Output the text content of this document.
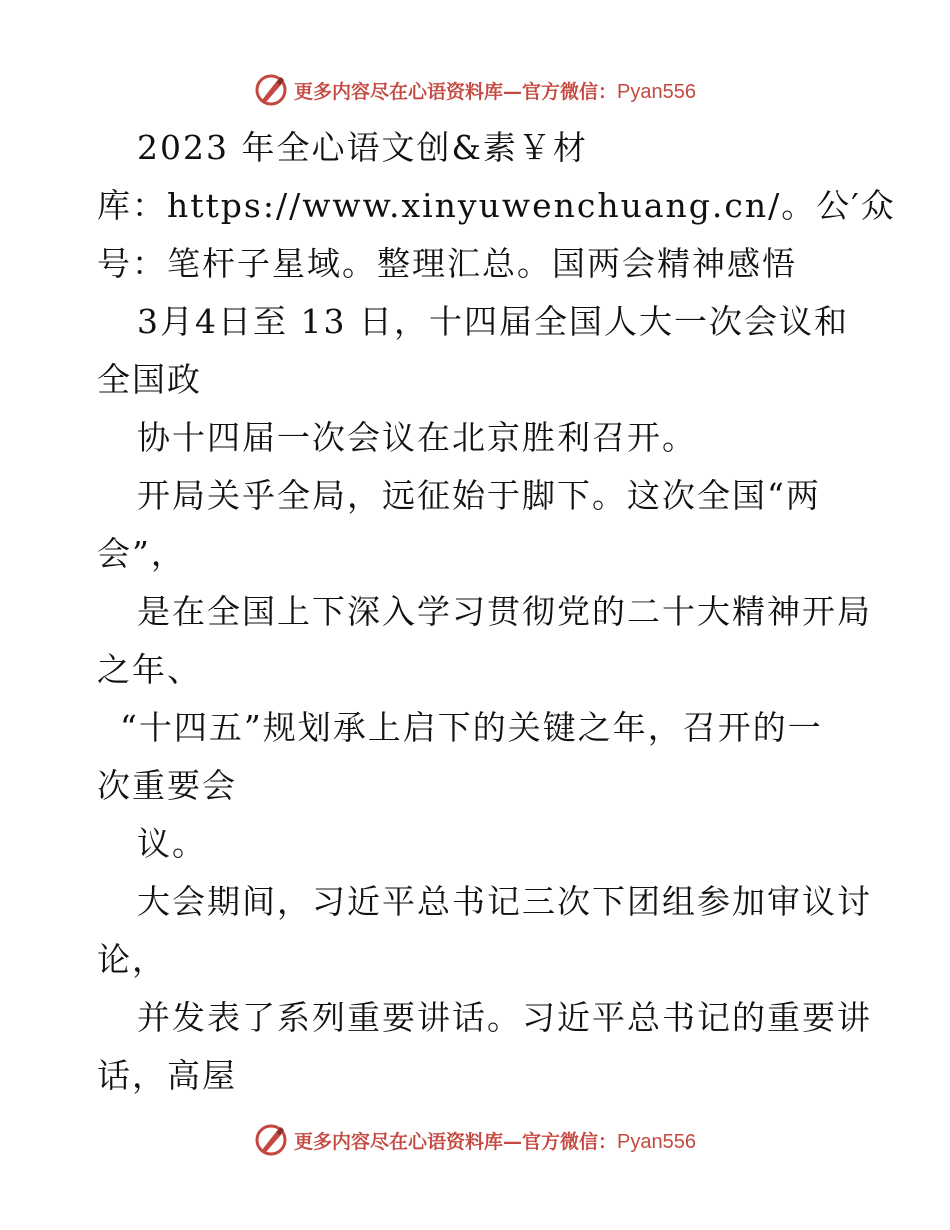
更多内容尽在心语资料库—官方微信：Pyan556
2023 年全心语文创&素￥材
库：https://www.xinyuwenchuang.cn/。公′众
号：笔杆子星域。整理汇总。国两会精神感悟
3月4日至 13 日，十四届全国人大一次会议和
全国政
协十四届一次会议在北京胜利召开。
开局关乎全局，远征始于脚下。这次全国“两
会”，
是在全国上下深入学习贯彻党的二十大精神开局
之年、
“十四五”规划承上启下的关键之年，召开的一
次重要会
议。
大会期间，习近平总书记三次下团组参加审议讨
论，
并发表了系列重要讲话。习近平总书记的重要讲
话，高屋
更多内容尽在心语资料库—官方微信：Pyan556
